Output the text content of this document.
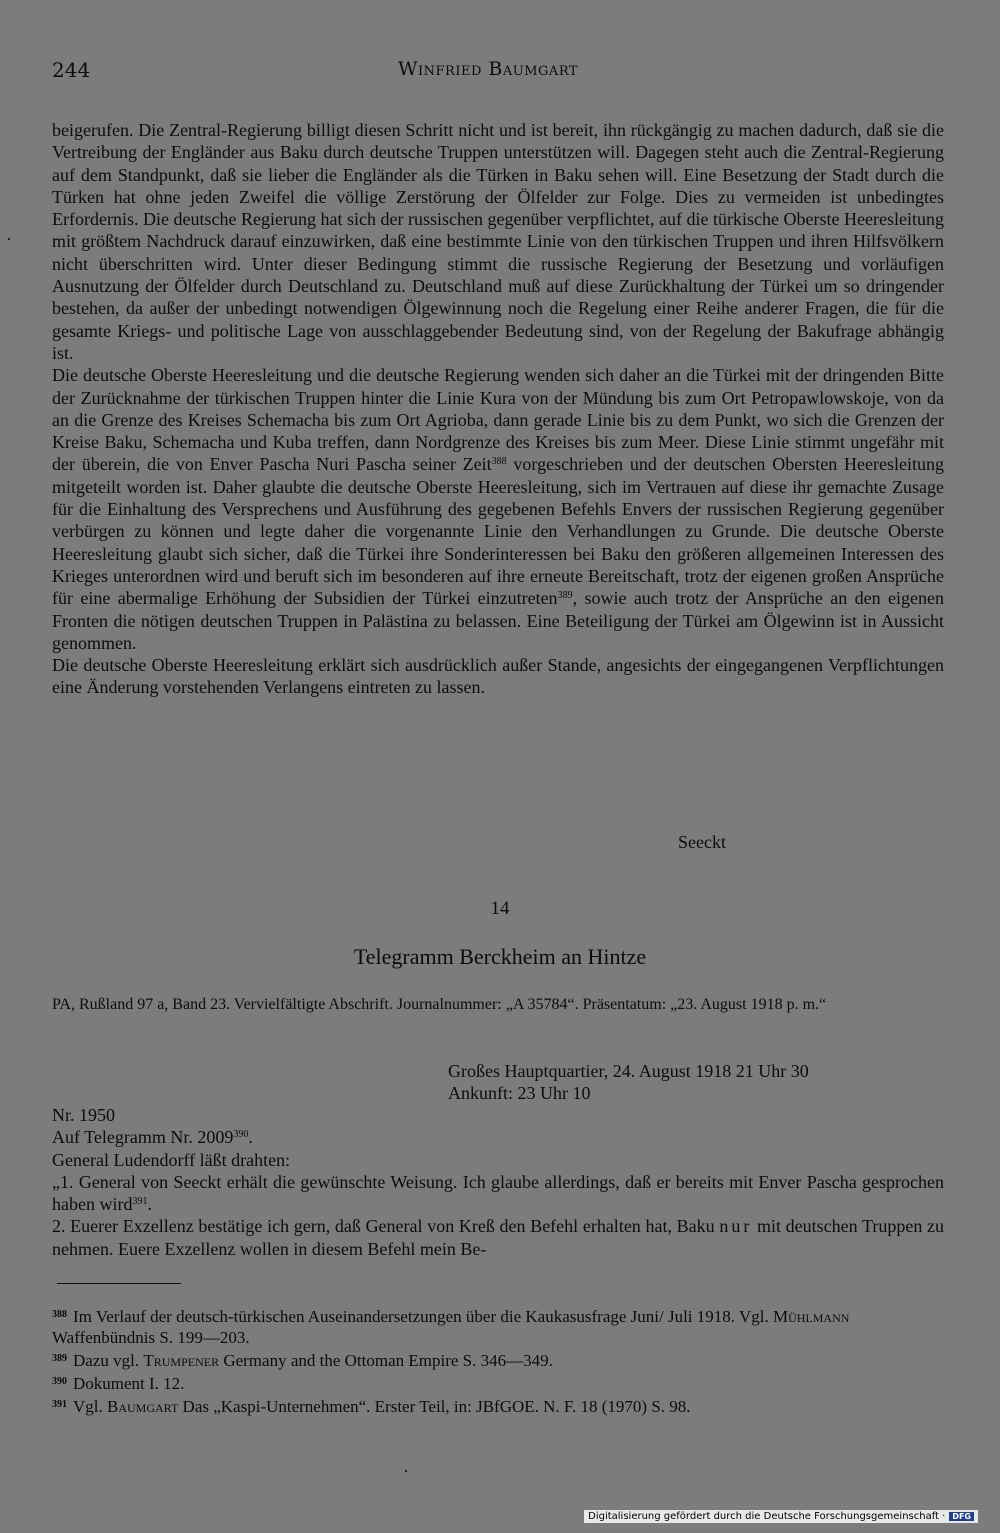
244	Winfried Baumgart

beigerufen. Die Zentral-Regierung billigt diesen Schritt nicht und ist bereit, ihn rückgängig zu machen dadurch, daß sie die Vertreibung der Engländer aus Baku durch deutsche Truppen unterstützen will. Dagegen steht auch die Zentral-Regierung auf dem Standpunkt, daß sie lieber die Engländer als die Türken in Baku sehen will. Eine Besetzung der Stadt durch die Türken hat ohne jeden Zweifel die völlige Zerstörung der Ölfelder zur Folge. Dies zu vermeiden ist unbedingtes Erfordernis. Die deutsche Regierung hat sich der russischen gegenüber verpflichtet, auf die türkische Oberste Heeresleitung mit größtem Nachdruck darauf einzuwirken, daß eine bestimmte Linie von den türkischen Truppen und ihren Hilfsvölkern nicht überschritten wird. Unter dieser Bedingung stimmt die russische Regierung der Besetzung und vorläufigen Ausnutzung der Ölfelder durch Deutschland zu. Deutschland muß auf diese Zurückhaltung der Türkei um so dringender bestehen, da außer der unbedingt notwendigen Ölgewinnung noch die Regelung einer Reihe anderer Fragen, die für die gesamte Kriegs- und politische Lage von ausschlaggebender Bedeutung sind, von der Regelung der Bakufrage abhängig ist.

Die deutsche Oberste Heeresleitung und die deutsche Regierung wenden sich daher an die Türkei mit der dringenden Bitte der Zurücknahme der türkischen Truppen hinter die Linie Kura von der Mündung bis zum Ort Petropawlowskoje, von da an die Grenze des Kreises Schemacha bis zum Ort Agrioba, dann gerade Linie bis zu dem Punkt, wo sich die Grenzen der Kreise Baku, Schemacha und Kuba treffen, dann Nordgrenze des Kreises bis zum Meer. Diese Linie stimmt ungefähr mit der überein, die von Enver Pascha Nuri Pascha seiner Zeit$^{388}$ vorgeschrieben und der deutschen Obersten Heeresleitung mitgeteilt worden ist. Daher glaubte die deutsche Oberste Heeresleitung, sich im Vertrauen auf diese ihr gemachte Zusage für die Einhaltung des Versprechens und Ausführung des gegebenen Befehls Envers der russischen Regierung gegenüber verbürgen zu können und legte daher die vorgenannte Linie den Verhandlungen zu Grunde. Die deutsche Oberste Heeresleitung glaubt sich sicher, daß die Türkei ihre Sonderinteressen bei Baku den größeren allgemeinen Interessen des Krieges unterordnen wird und beruft sich im besonderen auf ihre erneute Bereitschaft, trotz der eigenen großen Ansprüche für eine abermalige Erhöhung der Subsidien der Türkei einzutreten$^{389}$, sowie auch trotz der Ansprüche an den eigenen Fronten die nötigen deutschen Truppen in Palästina zu belassen. Eine Beteiligung der Türkei am Ölgewinn ist in Aussicht genommen.

Die deutsche Oberste Heeresleitung erklärt sich ausdrücklich außer Stande, angesichts der eingegangenen Verpflichtungen eine Änderung vorstehenden Verlangens eintreten zu lassen.

Seeckt
14
Telegramm Berckheim an Hintze
PA, Rußland 97 a, Band 23. Vervielfältigte Abschrift. Journalnummer: „A 35784“. Präsentatum: „23. August 1918 p. m.“
Großes Hauptquartier, 24. August 1918 21 Uhr 30
Ankunft: 23 Uhr 10

Nr. 1950

Auf Telegramm Nr. 2009$^{390}$.

General Ludendorff läßt drahten:

„1. General von Seeckt erhält die gewünschte Weisung. Ich glaube allerdings, daß er bereits mit Enver Pascha gesprochen haben wird$^{391}$.

2. Euerer Exzellenz bestätige ich gern, daß General von Kreß den Befehl erhalten hat, Baku nur mit deutschen Truppen zu nehmen. Euere Exzellenz wollen in diesem Befehl mein Be-

$^{388}$ Im Verlauf der deutsch-türkischen Auseinandersetzungen über die Kaukasusfrage Juni/ Juli 1918. Vgl. Mühlmann Waffenbündnis S. 199—203.

$^{389}$ Dazu vgl. Trumpener Germany and the Ottoman Empire S. 346—349.

$^{390}$ Dokument I. 12.

$^{391}$ Vgl. Baumgart Das „Kaspi-Unternehmen“. Erster Teil, in: JBfGOE. N. F. 18 (1970) S. 98.

Digitalisierung gefördert durch die Deutsche Forschungsgemeinschaft · DFG
